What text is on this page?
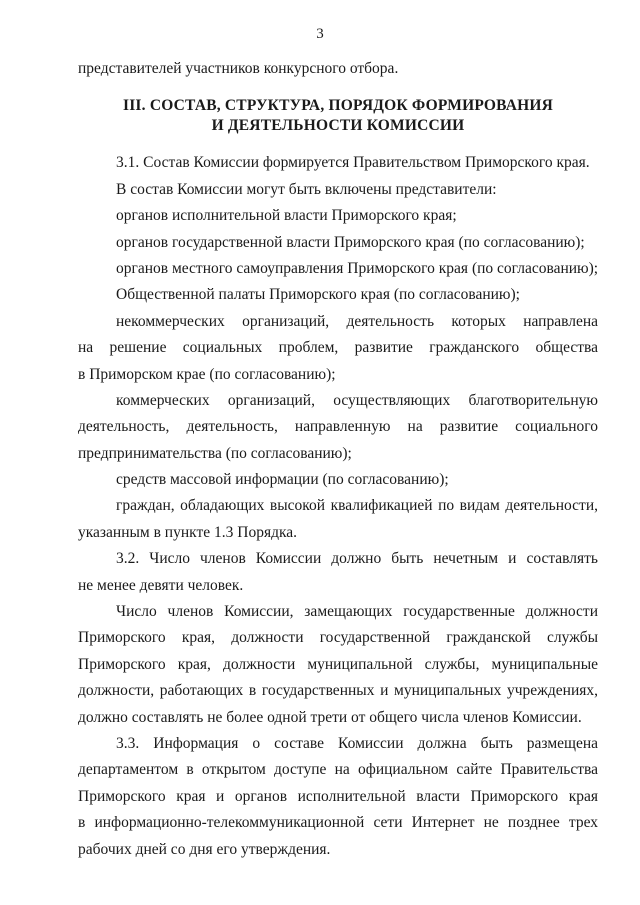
3
представителей участников конкурсного отбора.
III. СОСТАВ, СТРУКТУРА, ПОРЯДОК ФОРМИРОВАНИЯ
И ДЕЯТЕЛЬНОСТИ КОМИССИИ
3.1. Состав Комиссии формируется Правительством Приморского края.
В состав Комиссии могут быть включены представители:
органов исполнительной власти Приморского края;
органов государственной власти Приморского края (по согласованию);
органов местного самоуправления Приморского края (по согласованию);
Общественной палаты Приморского края (по согласованию);
некоммерческих организаций, деятельность которых направлена
на решение социальных проблем, развитие гражданского общества
в Приморском крае (по согласованию);
коммерческих организаций, осуществляющих благотворительную
деятельность, деятельность, направленную на развитие социального
предпринимательства (по согласованию);
средств массовой информации (по согласованию);
граждан, обладающих высокой квалификацией по видам деятельности,
указанным в пункте 1.3 Порядка.
3.2. Число членов Комиссии должно быть нечетным и составлять
не менее девяти человек.
Число членов Комиссии, замещающих государственные должности
Приморского края, должности государственной гражданской службы
Приморского края, должности муниципальной службы, муниципальные
должности, работающих в государственных и муниципальных учреждениях,
должно составлять не более одной трети от общего числа членов Комиссии.
3.3. Информация о составе Комиссии должна быть размещена
департаментом в открытом доступе на официальном сайте Правительства
Приморского края и органов исполнительной власти Приморского края
в информационно-телекоммуникационной сети Интернет не позднее трех
рабочих дней со дня его утверждения.
